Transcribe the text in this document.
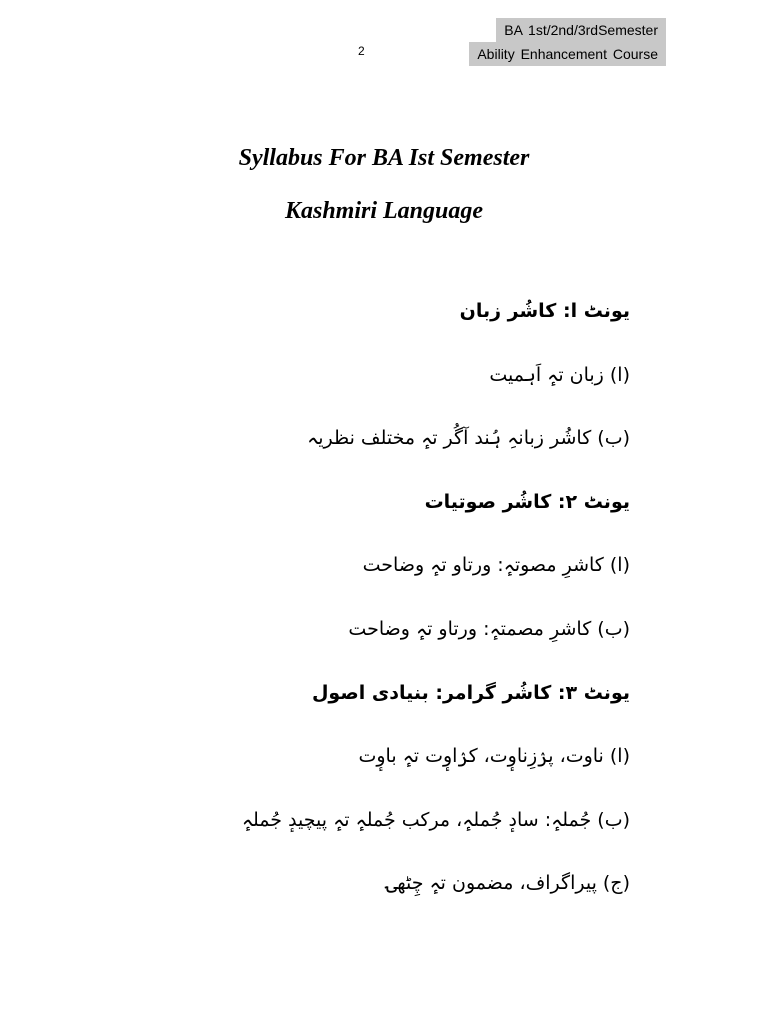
2
BA 1st/2nd/3rdSemester
Ability Enhancement Course
Syllabus For BA Ist Semester
Kashmiri Language
یونٹ ا: کاشُر زبان
(ا) زبان تہٕ اَہمیت
(ب) کاشُر زبانہِ ہُند آگُر تہٕ مختلف نظریہ
یونٹ ۲: کاشُر صوتیات
(ا) کاشرِ مصوتہٕ: ورتاو تہٕ وضاحت
(ب) کاشرِ مصمتہٕ: ورتاو تہٕ وضاحت
یونٹ ۳: کاشُر گرامر: بنیادی اصول
(ا) ناوت، پرٛزِناوٕت، کرٛاوٕت تہٕ باوٕت
(ب) جُملہٕ: سادٕ جُملہٕ، مرکب جُملہٕ تہٕ پیچیدٕ جُملہٕ
(ج) پیراگراف، مضمون تہٕ چِٹھۍ
